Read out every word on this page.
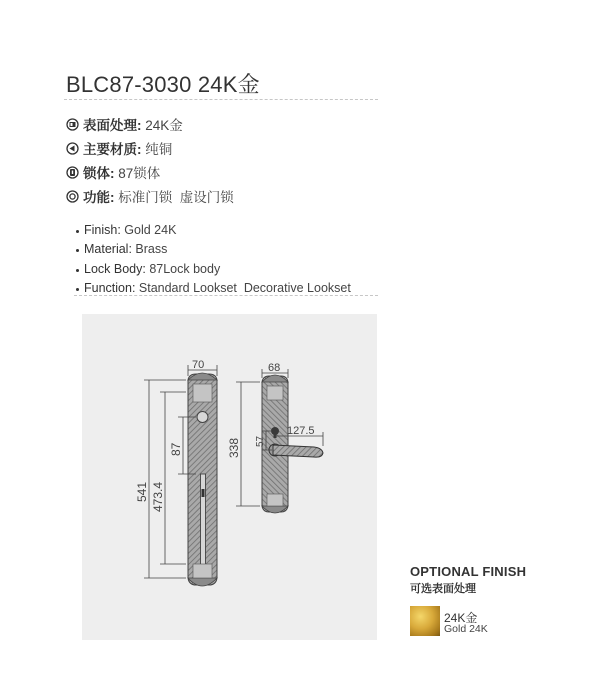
BLC87-3030 24K金
表面处理: 24K金
主要材质: 纯铜
锁体: 87锁体
功能: 标准门锁  虚设门锁
Finish: Gold 24K
Material: Brass
Lock Body: 87Lock body
Function: Standard Lookset  Decorative Lookset
70
541 473.4
87
68
338 57
127.5
OPTIONAL FINISH
可选表面处理
24K金
Gold 24K
